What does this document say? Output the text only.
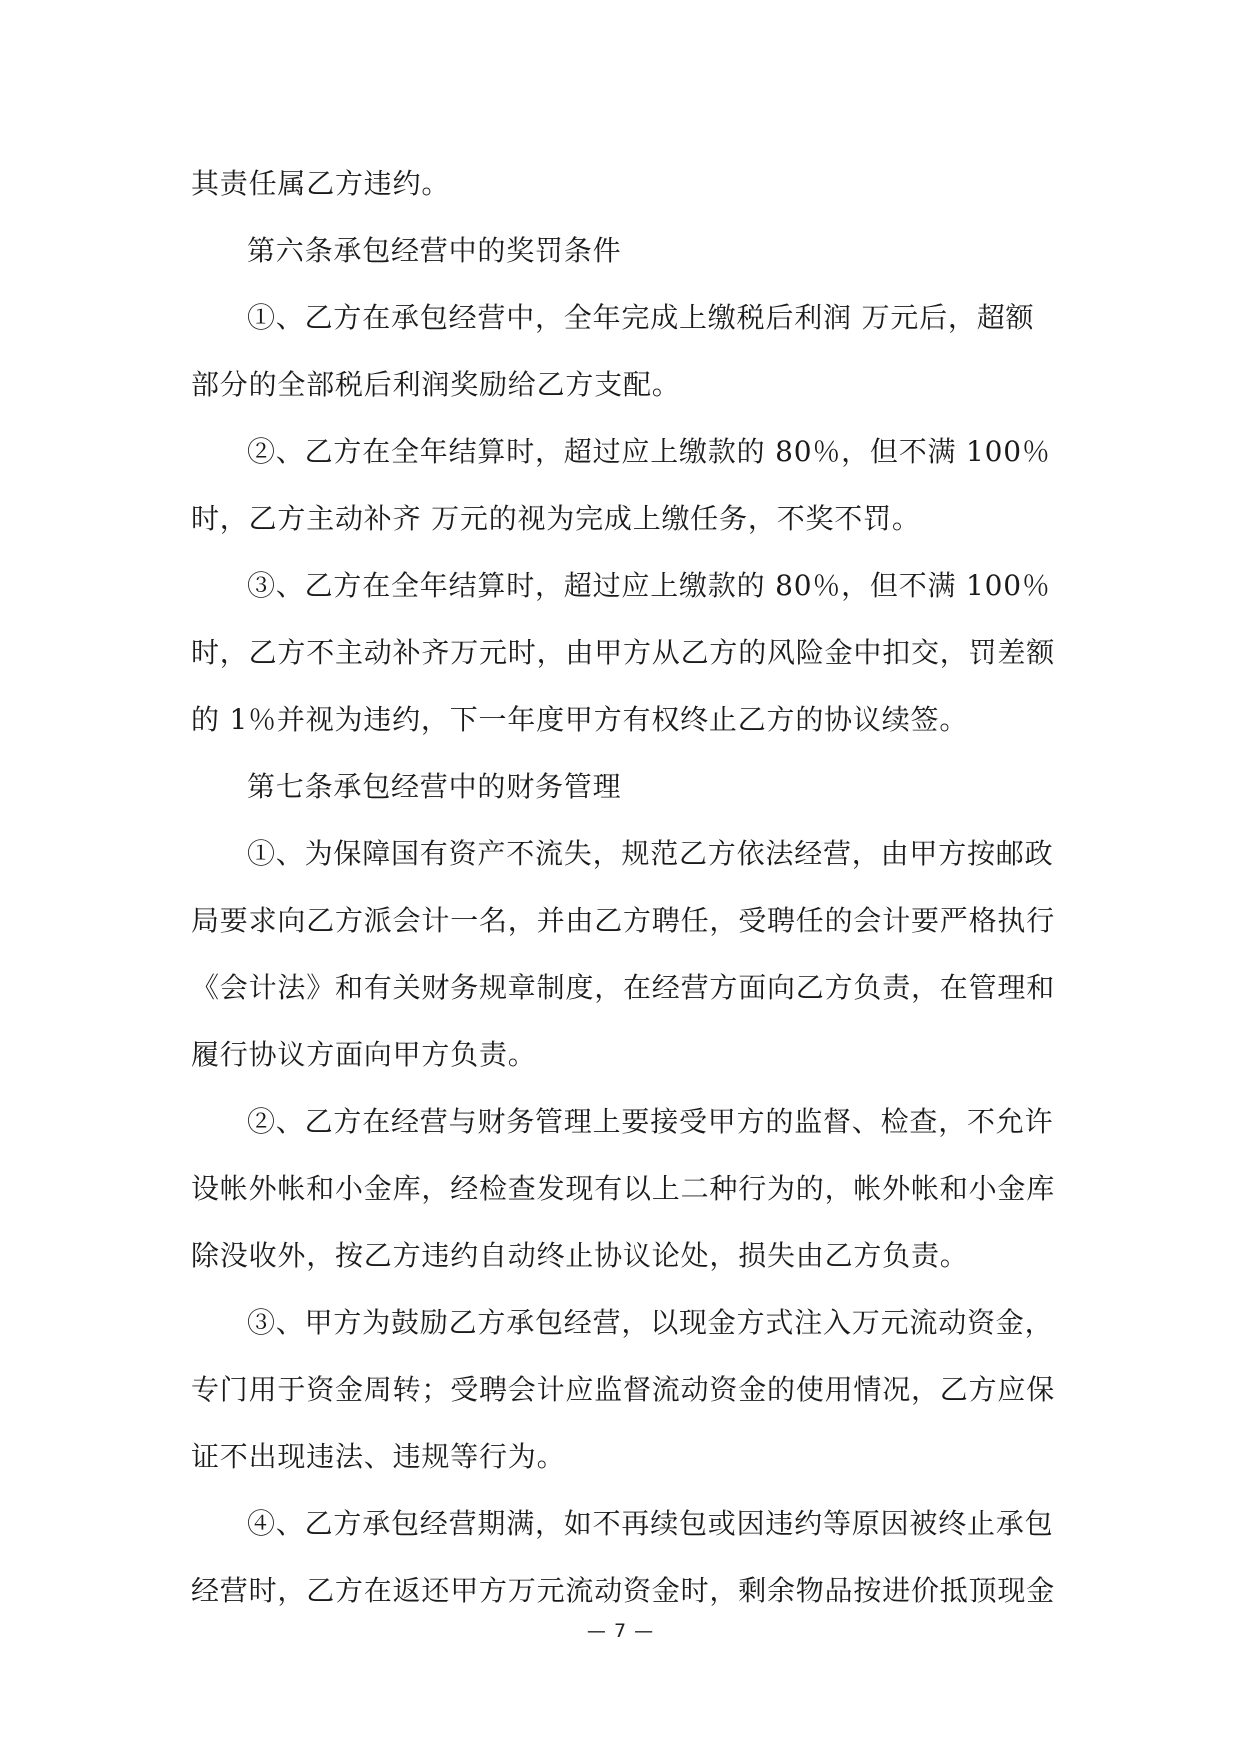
其责任属乙方违约。
第六条承包经营中的奖罚条件
①、乙方在承包经营中，全年完成上缴税后利润 万元后，超额
部分的全部税后利润奖励给乙方支配。
②、乙方在全年结算时，超过应上缴款的 80％，但不满 100％
时，乙方主动补齐 万元的视为完成上缴任务，不奖不罚。
③、乙方在全年结算时，超过应上缴款的 80％，但不满 100％
时，乙方不主动补齐万元时，由甲方从乙方的风险金中扣交，罚差额
的 1％并视为违约，下一年度甲方有权终止乙方的协议续签。
第七条承包经营中的财务管理
①、为保障国有资产不流失，规范乙方依法经营，由甲方按邮政
局要求向乙方派会计一名，并由乙方聘任，受聘任的会计要严格执行
《会计法》和有关财务规章制度，在经营方面向乙方负责，在管理和
履行协议方面向甲方负责。
②、乙方在经营与财务管理上要接受甲方的监督、检查，不允许
设帐外帐和小金库，经检查发现有以上二种行为的，帐外帐和小金库
除没收外，按乙方违约自动终止协议论处，损失由乙方负责。
③、甲方为鼓励乙方承包经营，以现金方式注入万元流动资金，
专门用于资金周转；受聘会计应监督流动资金的使用情况，乙方应保
证不出现违法、违规等行为。
④、乙方承包经营期满，如不再续包或因违约等原因被终止承包
经营时，乙方在返还甲方万元流动资金时，剩余物品按进价抵顶现金
— 7 —
